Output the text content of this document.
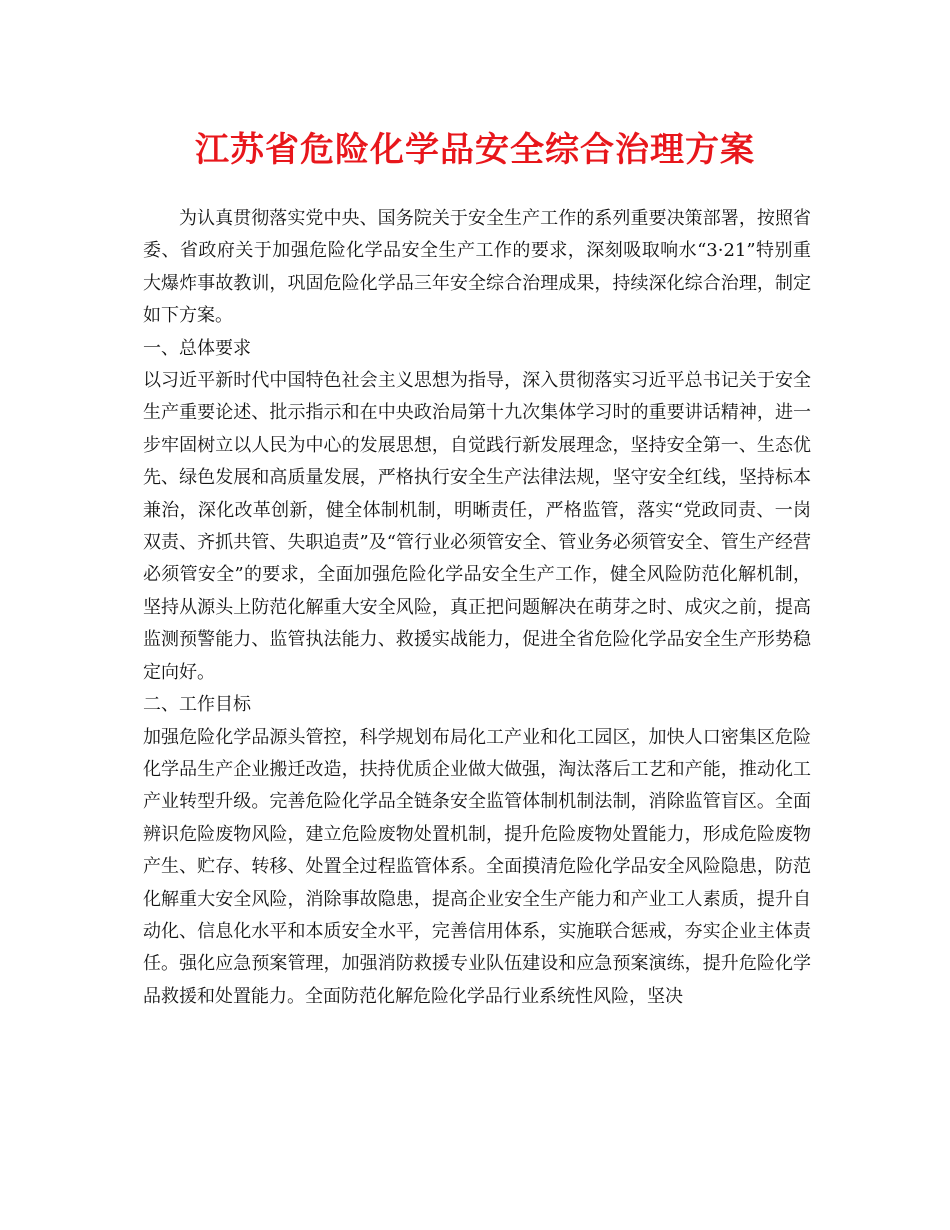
江苏省危险化学品安全综合治理方案

为认真贯彻落实党中央、国务院关于安全生产工作的系列重要决策部署，按照省委、省政府关于加强危险化学品安全生产工作的要求，深刻吸取响水“3·21”特别重大爆炸事故教训，巩固危险化学品三年安全综合治理成果，持续深化综合治理，制定如下方案。

一、总体要求

以习近平新时代中国特色社会主义思想为指导，深入贯彻落实习近平总书记关于安全生产重要论述、批示指示和在中央政治局第十九次集体学习时的重要讲话精神，进一步牢固树立以人民为中心的发展思想，自觉践行新发展理念，坚持安全第一、生态优先、绿色发展和高质量发展，严格执行安全生产法律法规，坚守安全红线，坚持标本兼治，深化改革创新，健全体制机制，明晰责任，严格监管，落实“党政同责、一岗双责、齐抓共管、失职追责”及“管行业必须管安全、管业务必须管安全、管生产经营必须管安全”的要求，全面加强危险化学品安全生产工作，健全风险防范化解机制，坚持从源头上防范化解重大安全风险，真正把问题解决在萌芽之时、成灾之前，提高监测预警能力、监管执法能力、救援实战能力，促进全省危险化学品安全生产形势稳定向好。

二、工作目标

加强危险化学品源头管控，科学规划布局化工产业和化工园区，加快人口密集区危险化学品生产企业搬迁改造，扶持优质企业做大做强，淘汰落后工艺和产能，推动化工产业转型升级。完善危险化学品全链条安全监管体制机制法制，消除监管盲区。全面辨识危险废物风险，建立危险废物处置机制，提升危险废物处置能力，形成危险废物产生、贮存、转移、处置全过程监管体系。全面摸清危险化学品安全风险隐患，防范化解重大安全风险，消除事故隐患，提高企业安全生产能力和产业工人素质，提升自动化、信息化水平和本质安全水平，完善信用体系，实施联合惩戒，夯实企业主体责任。强化应急预案管理，加强消防救援专业队伍建设和应急预案演练，提升危险化学品救援和处置能力。全面防范化解危险化学品行业系统性风险，坚决
